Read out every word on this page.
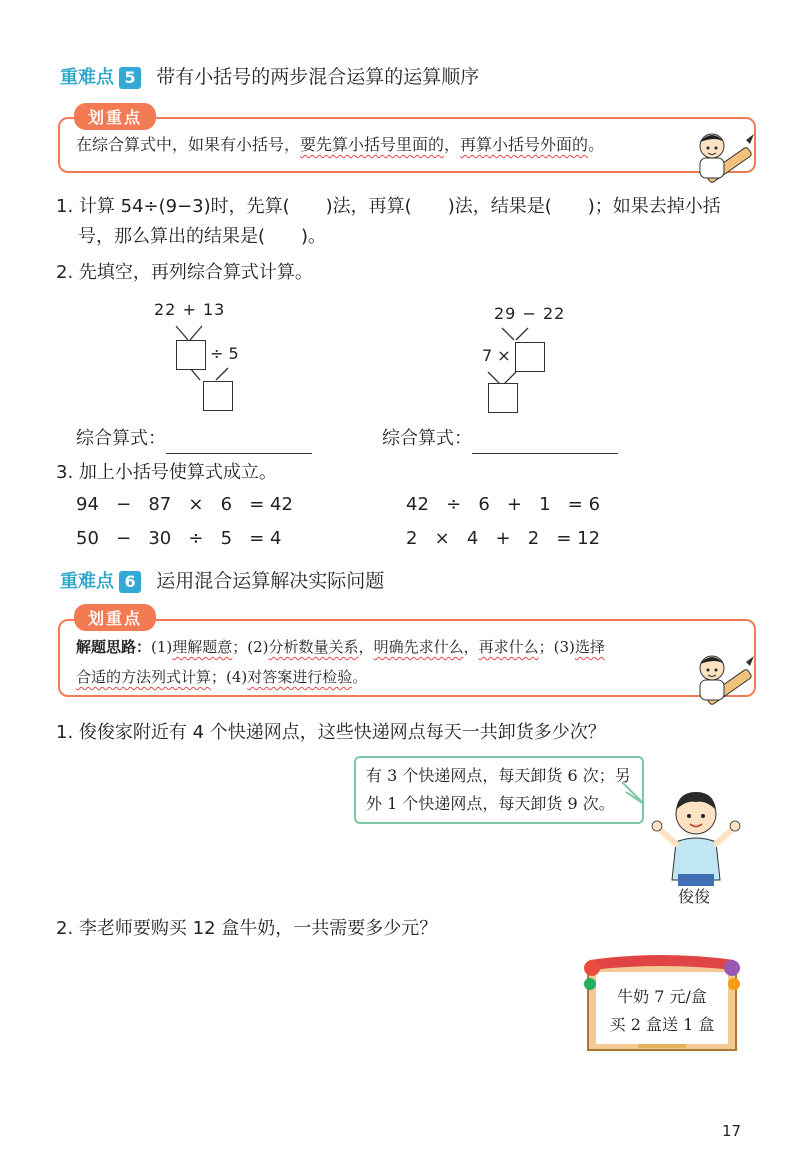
重难点 5 带有小括号的两步混合运算的运算顺序
划重点
在综合算式中，如果有小括号，要先算小括号里面的，再算小括号外面的。
1. 计算 54÷(9−3)时，先算(　　)法，再算(　　)法，结果是(　　)；如果去掉小括
号，那么算出的结果是(　　)。
2. 先填空，再列综合算式计算。
22 + 13
÷ 5
29 − 22
7 ×
综合算式：	综合算式：
3. 加上小括号使算式成立。
94   −   87   ×   6   = 42	42   ÷   6   +   1   = 6
50   −   30   ÷   5   = 4	2   ×   4   +   2   = 12
重难点 6 运用混合运算解决实际问题
划重点
解题思路：(1)理解题意；(2)分析数量关系，明确先求什么，再求什么；(3)选择
合适的方法列式计算；(4)对答案进行检验。
1. 俊俊家附近有 4 个快递网点，这些快递网点每天一共卸货多少次？
有 3 个快递网点，每天卸货 6 次；另
外 1 个快递网点，每天卸货 9 次。
俊俊
2. 李老师要购买 12 盒牛奶，一共需要多少元？
牛奶 7 元/盒
买 2 盒送 1 盒
17
